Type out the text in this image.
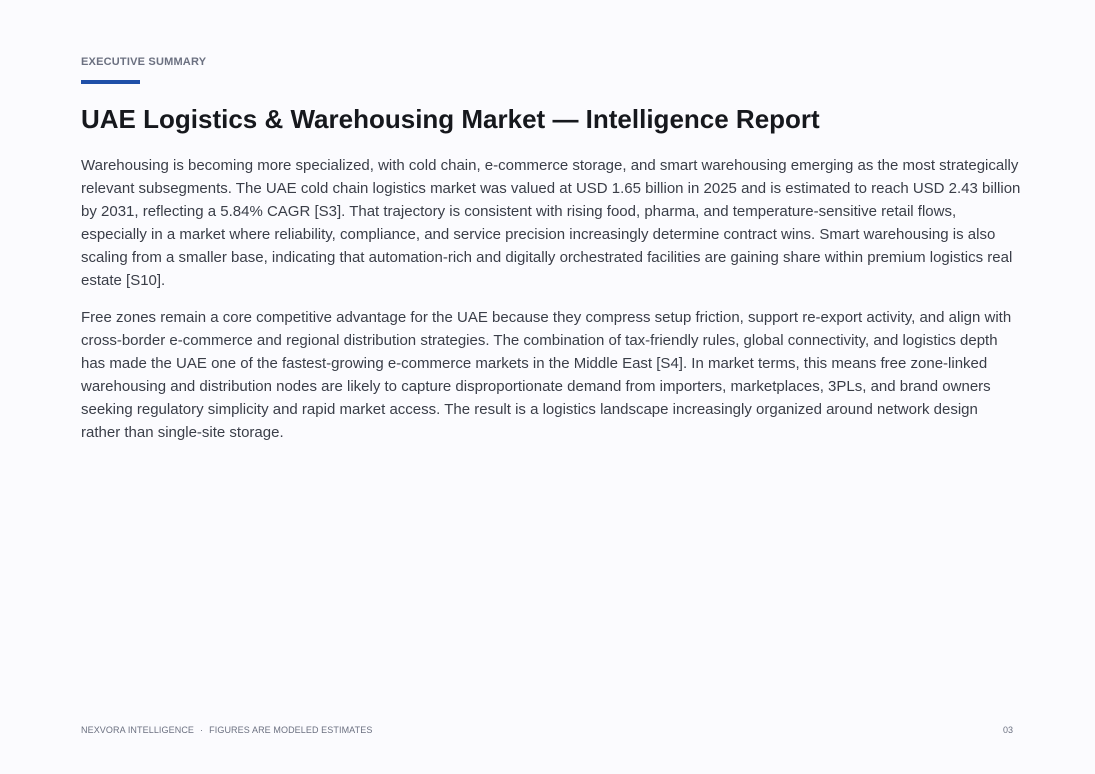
EXECUTIVE SUMMARY
UAE Logistics & Warehousing Market — Intelligence Report

Warehousing is becoming more specialized, with cold chain, e-commerce storage, and smart warehousing emerging as the most strategically relevant subsegments. The UAE cold chain logistics market was valued at USD 1.65 billion in 2025 and is estimated to reach USD 2.43 billion by 2031, reflecting a 5.84% CAGR [S3]. That trajectory is consistent with rising food, pharma, and temperature-sensitive retail flows, especially in a market where reliability, compliance, and service precision increasingly determine contract wins. Smart warehousing is also scaling from a smaller base, indicating that automation-rich and digitally orchestrated facilities are gaining share within premium logistics real estate [S10].

Free zones remain a core competitive advantage for the UAE because they compress setup friction, support re-export activity, and align with cross-border e-commerce and regional distribution strategies. The combination of tax-friendly rules, global connectivity, and logistics depth has made the UAE one of the fastest-growing e-commerce markets in the Middle East [S4]. In market terms, this means free zone-linked warehousing and distribution nodes are likely to capture disproportionate demand from importers, marketplaces, 3PLs, and brand owners seeking regulatory simplicity and rapid market access. The result is a logistics landscape increasingly organized around network design rather than single-site storage.

NEXVORA INTELLIGENCE · FIGURES ARE MODELED ESTIMATES	03
